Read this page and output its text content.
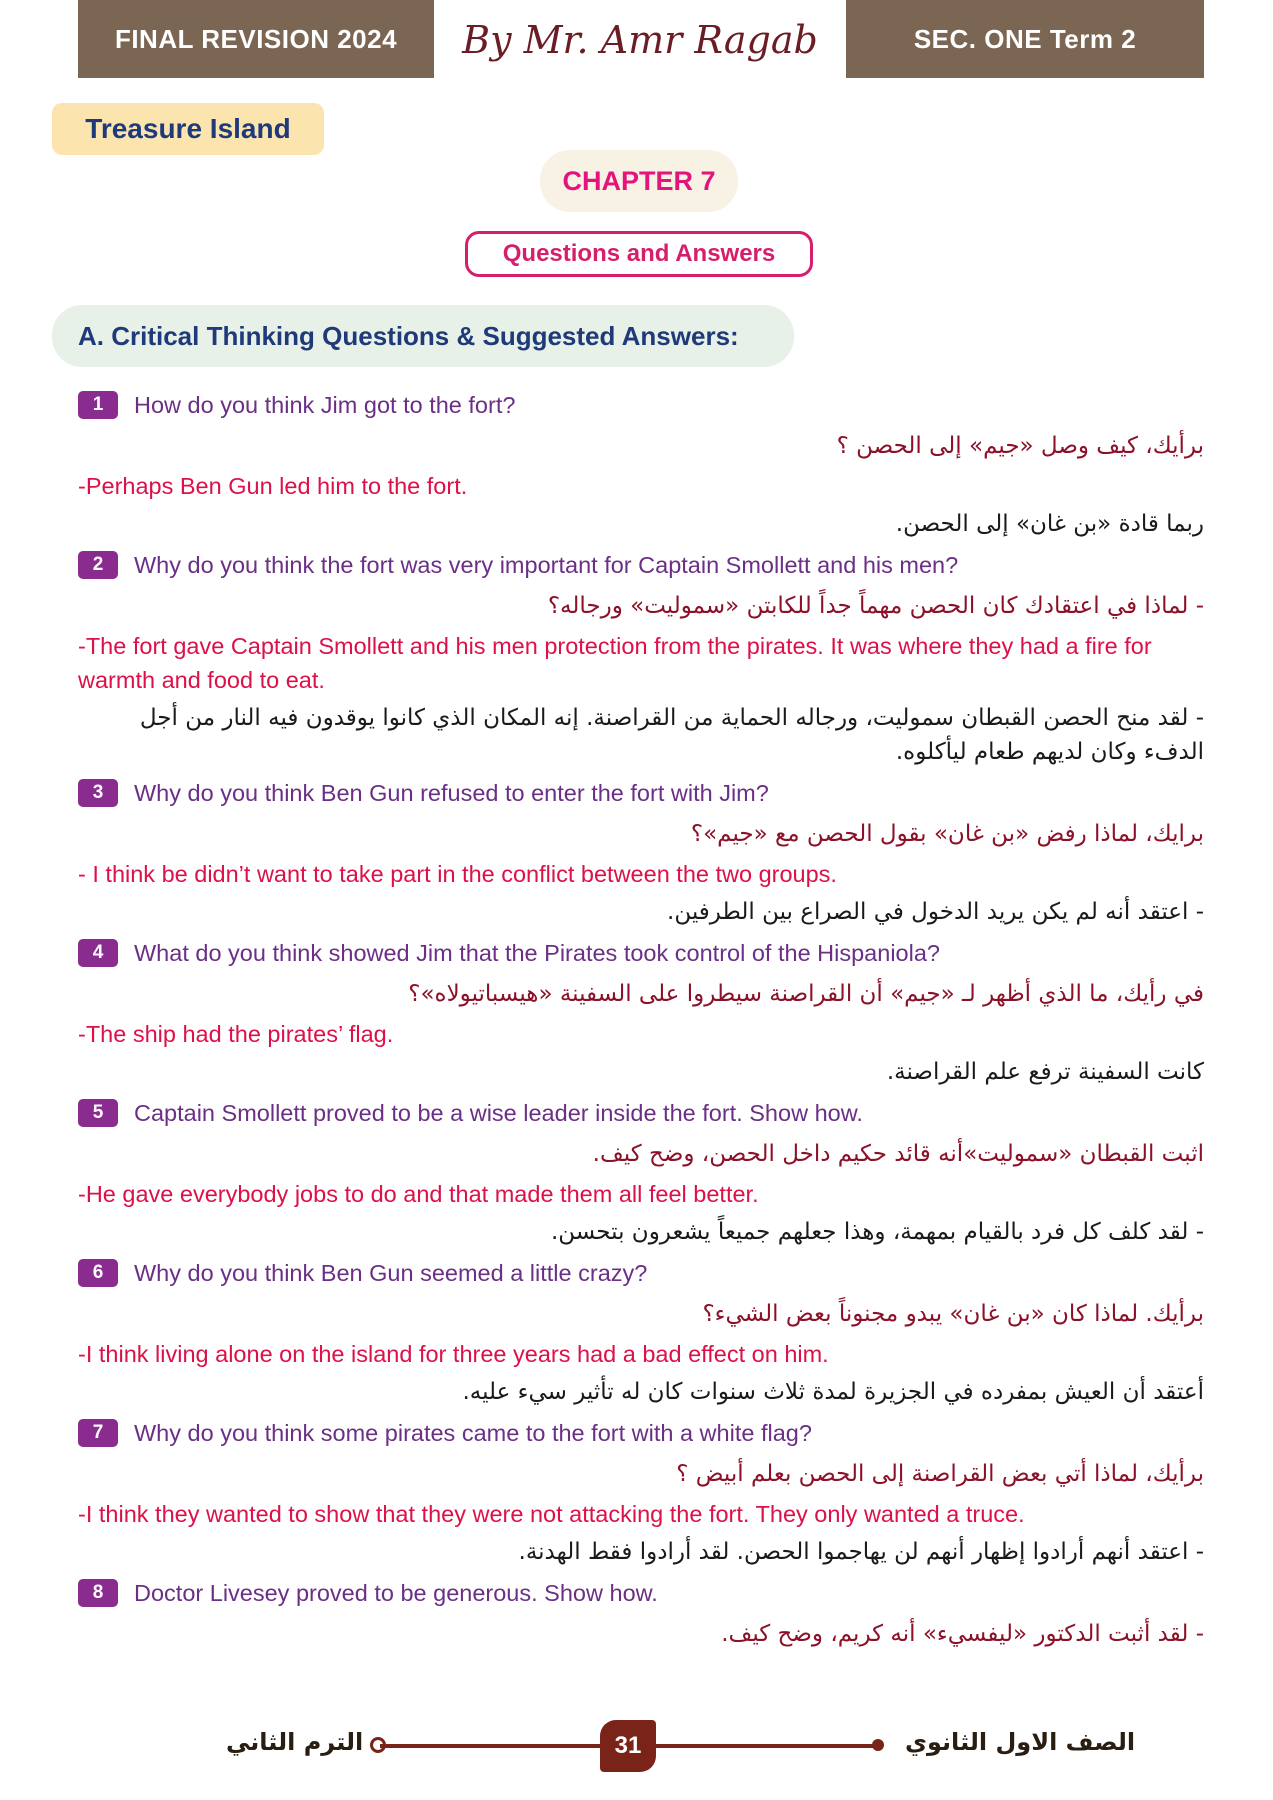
FINAL REVISION 2024	By Mr. Amr Ragab	SEC. ONE Term 2
Treasure Island
CHAPTER 7
Questions and Answers
A. Critical Thinking Questions & Suggested Answers:
1	How do you think Jim got to the fort?
برأيك، كيف وصل «جيم» إلى الحصن ؟
-Perhaps Ben Gun led him to the fort.
ربما قادة «بن غان» إلى الحصن.
2	Why do you think the fort was very important for Captain Smollett and his men?
- لماذا في اعتقادك كان الحصن مهماً جداً للكابتن «سموليت» ورجاله؟
-The fort gave Captain Smollett and his men protection from the pirates. It was where they had a fire for warmth and food to eat.
- لقد منح الحصن القبطان سموليت، ورجاله الحماية من القراصنة. إنه المكان الذي كانوا يوقدون فيه النار من أجل الدفء وكان لديهم طعام ليأكلوه.
3	Why do you think Ben Gun refused to enter the fort with Jim?
برايك، لماذا رفض «بن غان» بقول الحصن مع «جيم»؟
- I think be didn’t want to take part in the conflict between the two groups.
- اعتقد أنه لم يكن يريد الدخول في الصراع بين الطرفين.
4	What do you think showed Jim that the Pirates took control of the Hispaniola?
في رأيك، ما الذي أظهر لـ «جيم» أن القراصنة سيطروا على السفينة «هيسباتيولاه»؟
-The ship had the pirates’ flag.
كانت السفينة ترفع علم القراصنة.
5	Captain Smollett proved to be a wise leader inside the fort. Show how.
اثبت القبطان «سموليت»أنه قائد حكيم داخل الحصن، وضح كيف.
-He gave everybody jobs to do and that made them all feel better.
- لقد كلف كل فرد بالقيام بمهمة، وهذا جعلهم جميعاً يشعرون بتحسن.
6	Why do you think Ben Gun seemed a little crazy?
برأيك. لماذا كان «بن غان» يبدو مجنوناً بعض الشيء؟
-I think living alone on the island for three years had a bad effect on him.
أعتقد أن العيش بمفرده في الجزيرة لمدة ثلاث سنوات كان له تأثير سيء عليه.
7	Why do you think some pirates came to the fort with a white flag?
برأيك، لماذا أتي بعض القراصنة إلى الحصن بعلم أبيض ؟
-I think they wanted to show that they were not attacking the fort. They only wanted a truce.
- اعتقد أنهم أرادوا إظهار أنهم لن يهاجموا الحصن. لقد أرادوا فقط الهدنة.
8	Doctor Livesey proved to be generous. Show how.
- لقد أثبت الدكتور «ليفسيء» أنه كريم، وضح كيف.
الترم الثاني	31	الصف الاول الثانوي
